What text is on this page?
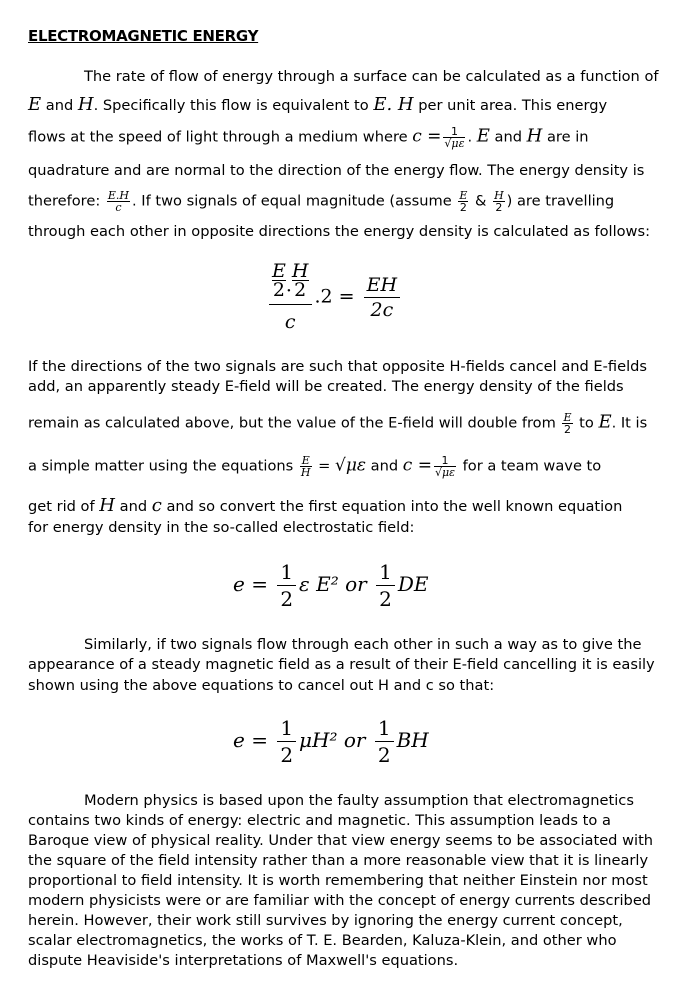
ELECTROMAGNETIC ENERGY
The rate of flow of energy through a surface can be calculated as a function of
E and H. Specifically this flow is equivalent to E. H per unit area. This energy
flows at the speed of light through a medium where $c = \frac{1}{√\mu\varepsilon}$ . E and H are in
quadrature and are normal to the direction of the energy flow. The energy density is
therefore: $\frac{E.H}{c}$ . If two signals of equal magnitude (assume $\frac{E}{2}$ & $\frac{H}{2}$ ) are travelling
through each other in opposite directions the energy density is calculated as follows:
$\frac{\frac{E}{2} \cdot \frac{H}{2}}{c} .2 = \frac{EH}{2c}$
If the directions of the two signals are such that opposite H-fields cancel and E-fields
add, an apparently steady E-field will be created. The energy density of the fields
remain as calculated above, but the value of the E-field will double from $\frac{E}{2}$ to E. It is
a simple matter using the equations $\frac{E}{H} = √\mu\varepsilon$ and $c = \frac{1}{√\mu\varepsilon}$ for a team wave to
get rid of H and c and so convert the first equation into the well known equation
for energy density in the so-called electrostatic field:
$e = \frac{1}{2}$ ε E² or $\frac{1}{2}$ DE
Similarly, if two signals flow through each other in such a way as to give the
appearance of a steady magnetic field as a result of their E-field cancelling it is easily
shown using the above equations to cancel out H and c so that:
$e = \frac{1}{2} \mu H^2$ or $\frac{1}{2}$ BH
Modern physics is based upon the faulty assumption that electromagnetics
contains two kinds of energy: electric and magnetic. This assumption leads to a
Baroque view of physical reality. Under that view energy seems to be associated with
the square of the field intensity rather than a more reasonable view that it is linearly
proportional to field intensity. It is worth remembering that neither Einstein nor most
modern physicists were or are familiar with the concept of energy currents described
herein. However, their work still survives by ignoring the energy current concept,
scalar electromagnetics, the works of T. E. Bearden, Kaluza-Klein, and other who
dispute Heaviside's interpretations of Maxwell's equations.
